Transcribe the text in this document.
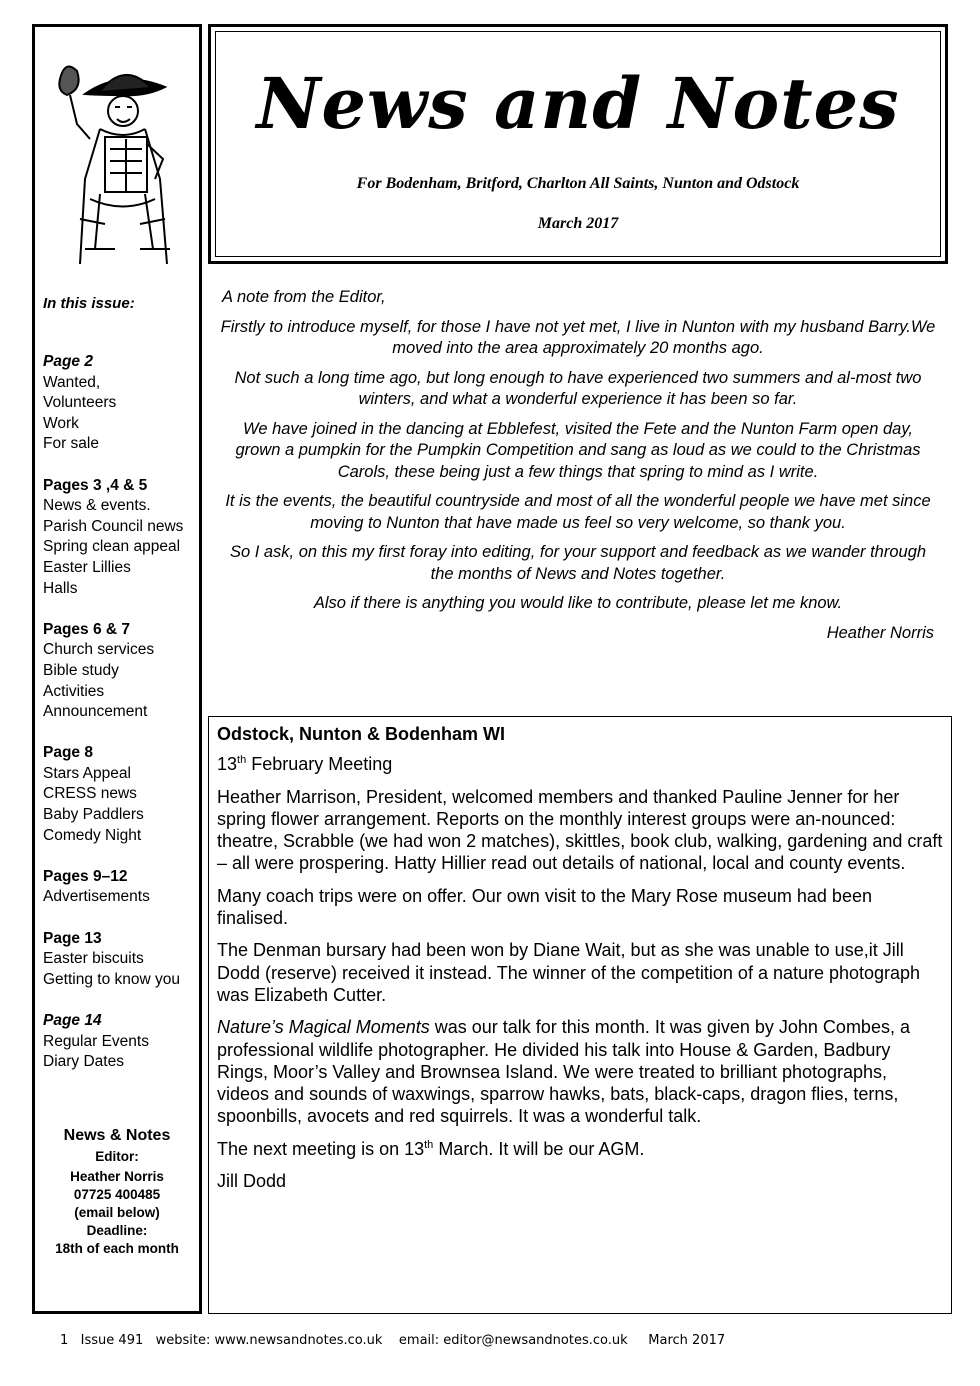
In this issue:
Page 2
Wanted,
Volunteers
Work
For sale
Pages 3 ,4 & 5
News & events.
Parish Council news
Spring clean appeal
Easter Lillies
Halls
Pages 6 & 7
Church services
Bible study
Activities
Announcement
Page 8
Stars Appeal
CRESS news
Baby Paddlers
Comedy Night
Pages 9–12
Advertisements
Page 13
Easter biscuits
Getting to know you
Page 14
Regular Events
Diary Dates
News & Notes
Editor:
Heather Norris
07725 400485
(email below)
Deadline:
18th of each month
News and Notes
For Bodenham, Britford, Charlton All Saints, Nunton and Odstock
March 2017
A note from the Editor,
Firstly to introduce myself, for those I have not yet met, I live in Nunton with my husband Barry.We moved into the area approximately 20 months ago.
Not such a long time ago, but long enough to have experienced two summers and al-most two winters, and what a wonderful experience it has been so far.
We have joined in the dancing at Ebblefest, visited the Fete and the Nunton Farm open day, grown a pumpkin for the Pumpkin Competition and sang as loud as we could to the Christmas Carols, these being just a few things that spring to mind as I write.
It is the events, the beautiful countryside and most of all the wonderful people we have met since moving to Nunton that have made us feel so very welcome, so thank you.
So I ask, on this my first foray into editing, for your support and feedback as we wander through the months of News and Notes together.
Also if there is anything you would like to contribute, please let me know.
Heather Norris

Odstock, Nunton & Bodenham WI

13th February Meeting

Heather Marrison, President, welcomed members and thanked Pauline Jenner for her spring flower arrangement. Reports on the monthly interest groups were an-nounced: theatre, Scrabble (we had won 2 matches), skittles, book club, walking, gardening and craft – all were prospering. Hatty Hillier read out details of national, local and county events.

Many coach trips were on offer. Our own visit to the Mary Rose museum had been finalised.

The Denman bursary had been won by Diane Wait, but as she was unable to use,it Jill Dodd (reserve) received it instead. The winner of the competition of a nature photograph was Elizabeth Cutter.

Nature’s Magical Moments was our talk for this month. It was given by John Combes, a professional wildlife photographer. He divided his talk into House & Garden, Badbury Rings, Moor’s Valley and Brownsea Island. We were treated to brilliant photographs, videos and sounds of waxwings, sparrow hawks, bats, black-caps, dragon flies, terns, spoonbills, avocets and red squirrels. It was a wonderful talk.

The next meeting is on 13th March. It will be our AGM.

Jill Dodd

1   Issue 491   website: www.newsandnotes.co.uk    email: editor@newsandnotes.co.uk     March 2017
